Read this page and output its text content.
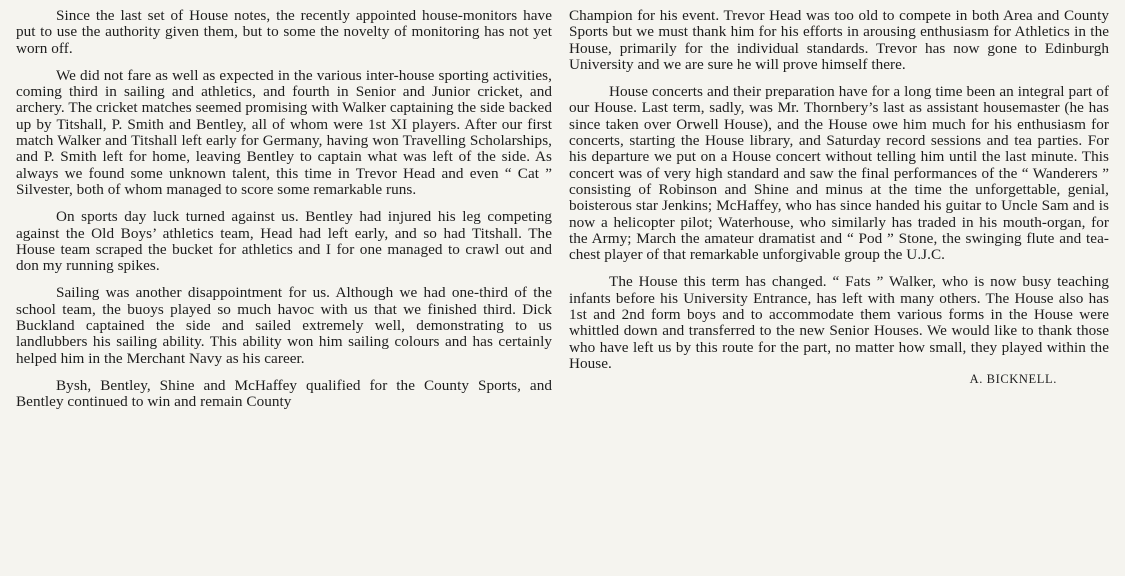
Since the last set of House notes, the recently appointed house-monitors have put to use the authority given them, but to some the novelty of monitoring has not yet worn off.

We did not fare as well as expected in the various inter-house sporting activities, coming third in sailing and athletics, and fourth in Senior and Junior cricket, and archery. The cricket matches seemed promising with Walker captaining the side backed up by Titshall, P. Smith and Bentley, all of whom were 1st XI players. After our first match Walker and Titshall left early for Germany, having won Travelling Scholarships, and P. Smith left for home, leaving Bentley to captain what was left of the side. As always we found some unknown talent, this time in Trevor Head and even “ Cat ” Silvester, both of whom managed to score some remarkable runs.

On sports day luck turned against us. Bentley had injured his leg competing against the Old Boys’ athletics team, Head had left early, and so had Titshall. The House team scraped the bucket for athletics and I for one managed to crawl out and don my running spikes.

Sailing was another disappointment for us. Although we had one-third of the school team, the buoys played so much havoc with us that we finished third. Dick Buckland captained the side and sailed extremely well, demonstrating to us landlubbers his sailing ability. This ability won him sailing colours and has certainly helped him in the Merchant Navy as his career.

Bysh, Bentley, Shine and McHaffey qualified for the County Sports, and Bentley continued to win and remain County

Champion for his event. Trevor Head was too old to compete in both Area and County Sports but we must thank him for his efforts in arousing enthusiasm for Athletics in the House, primarily for the individual standards. Trevor has now gone to Edinburgh University and we are sure he will prove himself there.

House concerts and their preparation have for a long time been an integral part of our House. Last term, sadly, was Mr. Thornbery’s last as assistant housemaster (he has since taken over Orwell House), and the House owe him much for his enthusiasm for concerts, starting the House library, and Saturday record sessions and tea parties. For his departure we put on a House concert without telling him until the last minute. This concert was of very high standard and saw the final performances of the “ Wanderers ” consisting of Robinson and Shine and minus at the time the unforgettable, genial, boisterous star Jenkins; McHaffey, who has since handed his guitar to Uncle Sam and is now a helicopter pilot; Waterhouse, who similarly has traded in his mouth-organ, for the Army; March the amateur dramatist and “ Pod ” Stone, the swinging flute and tea-chest player of that remarkable unforgivable group the U.J.C.

The House this term has changed. “ Fats ” Walker, who is now busy teaching infants before his University Entrance, has left with many others. The House also has 1st and 2nd form boys and to accommodate them various forms in the House were whittled down and transferred to the new Senior Houses. We would like to thank those who have left us by this route for the part, no matter how small, they played within the House.

A. BICKNELL.
